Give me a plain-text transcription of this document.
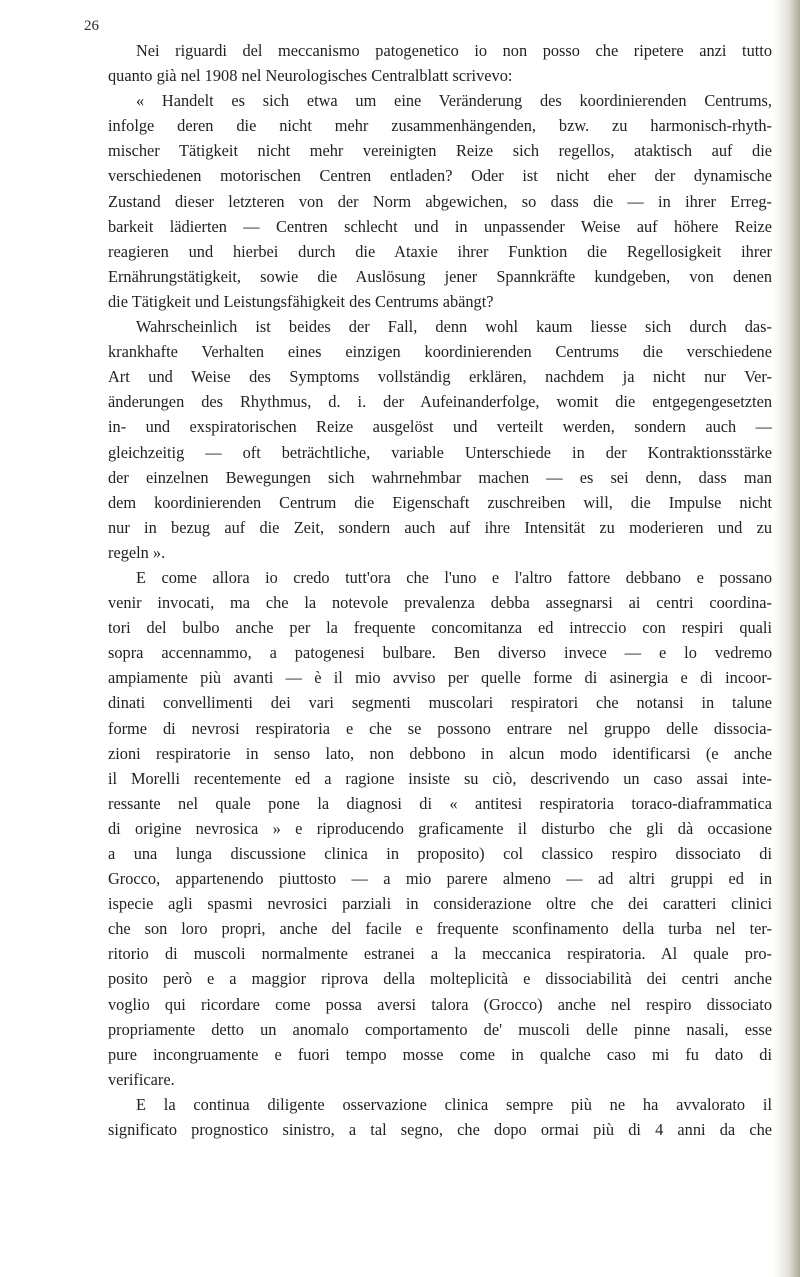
26
Nei riguardi del meccanismo patogenetico io non posso che ripetere anzi tutto
quanto già nel 1908 nel Neurologisches Centralblatt scrivevo:
« Handelt es sich etwa um eine Veränderung des koordinierenden Centrums,
infolge deren die nicht mehr zusammenhängenden, bzw. zu harmonisch-rhyth-
mischer Tätigkeit nicht mehr vereinigten Reize sich regellos, ataktisch auf die
verschiedenen motorischen Centren entladen? Oder ist nicht eher der dynamische
Zustand dieser letzteren von der Norm abgewichen, so dass die — in ihrer Erreg-
barkeit lädierten — Centren schlecht und in unpassender Weise auf höhere Reize
reagieren und hierbei durch die Ataxie ihrer Funktion die Regellosigkeit ihrer
Ernährungstätigkeit, sowie die Auslösung jener Spannkräfte kundgeben, von denen
die Tätigkeit und Leistungsfähigkeit des Centrums abängt?
Wahrscheinlich ist beides der Fall, denn wohl kaum liesse sich durch das-
krankhafte Verhalten eines einzigen koordinierenden Centrums die verschiedene
Art und Weise des Symptoms vollständig erklären, nachdem ja nicht nur Ver-
änderungen des Rhythmus, d. i. der Aufeinanderfolge, womit die entgegengesetzten
in- und exspiratorischen Reize ausgelöst und verteilt werden, sondern auch —
gleichzeitig — oft beträchtliche, variable Unterschiede in der Kontraktionsstärke
der einzelnen Bewegungen sich wahrnehmbar machen — es sei denn, dass man
dem koordinierenden Centrum die Eigenschaft zuschreiben will, die Impulse nicht
nur in bezug auf die Zeit, sondern auch auf ihre Intensität zu moderieren und zu
regeln ».
E come allora io credo tutt'ora che l'uno e l'altro fattore debbano e possano
venir invocati, ma che la notevole prevalenza debba assegnarsi ai centri coordina-
tori del bulbo anche per la frequente concomitanza ed intreccio con respiri quali
sopra accennammo, a patogenesi bulbare. Ben diverso invece — e lo vedremo
ampiamente più avanti — è il mio avviso per quelle forme di asinergia e di incoor-
dinati convellimenti dei vari segmenti muscolari respiratori che notansi in talune
forme di nevrosi respiratoria e che se possono entrare nel gruppo delle dissocia-
zioni respiratorie in senso lato, non debbono in alcun modo identificarsi (e anche
il Morelli recentemente ed a ragione insiste su ciò, descrivendo un caso assai inte-
ressante nel quale pone la diagnosi di « antitesi respiratoria toraco-diaframmatica
di origine nevrosica » e riproducendo graficamente il disturbo che gli dà occasione
a una lunga discussione clinica in proposito) col classico respiro dissociato di
Grocco, appartenendo piuttosto — a mio parere almeno — ad altri gruppi ed in
ispecie agli spasmi nevrosici parziali in considerazione oltre che dei caratteri clinici
che son loro propri, anche del facile e frequente sconfinamento della turba nel ter-
ritorio di muscoli normalmente estranei a la meccanica respiratoria. Al quale pro-
posito però e a maggior riprova della molteplicità e dissociabilità dei centri anche
voglio qui ricordare come possa aversi talora (Grocco) anche nel respiro dissociato
propriamente detto un anomalo comportamento de' muscoli delle pinne nasali, esse
pure incongruamente e fuori tempo mosse come in qualche caso mi fu dato di
verificare.
E la continua diligente osservazione clinica sempre più ne ha avvalorato il
significato prognostico sinistro, a tal segno, che dopo ormai più di 4 anni da che
